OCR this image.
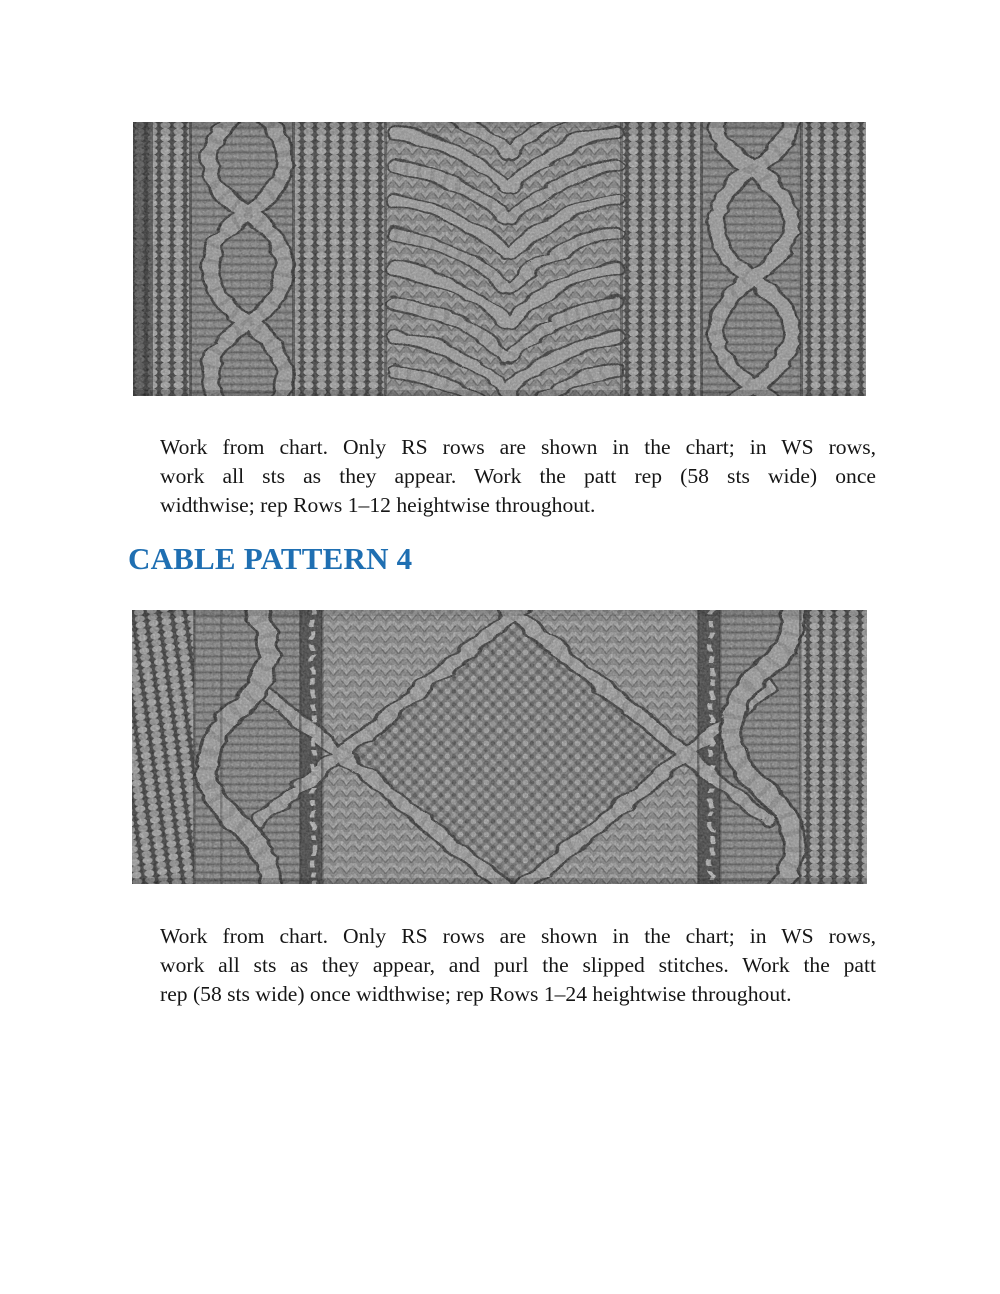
Work from chart. Only RS rows are shown in the chart; in WS rows,
work all sts as they appear. Work the patt rep (58 sts wide) once
widthwise; rep Rows 1–12 heightwise throughout.
CABLE PATTERN 4
Work from chart. Only RS rows are shown in the chart; in WS rows,
work all sts as they appear, and purl the slipped stitches. Work the patt
rep (58 sts wide) once widthwise; rep Rows 1–24 heightwise throughout.
